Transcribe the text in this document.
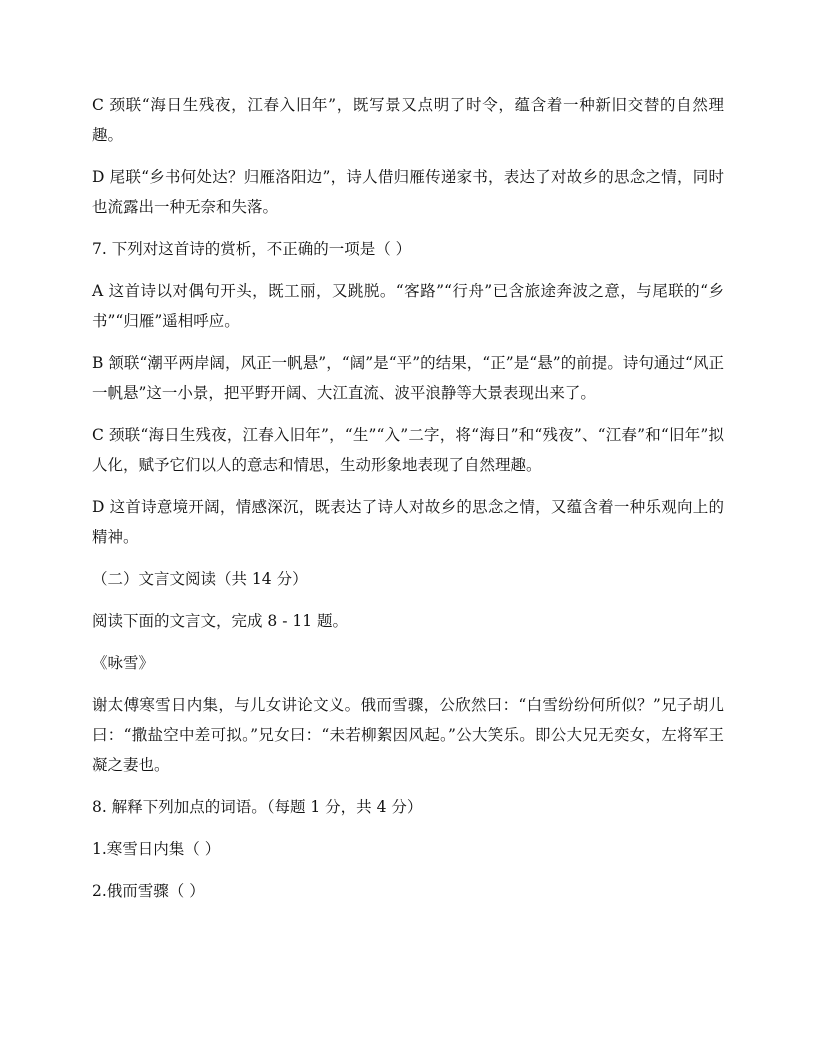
C 颈联“海日生残夜，江春入旧年”，既写景又点明了时令，蕴含着一种新旧交替的自然理趣。

D 尾联“乡书何处达？归雁洛阳边”，诗人借归雁传递家书，表达了对故乡的思念之情，同时也流露出一种无奈和失落。

7. 下列对这首诗的赏析，不正确的一项是（ ）

A 这首诗以对偶句开头，既工丽，又跳脱。“客路”“行舟”已含旅途奔波之意，与尾联的“乡书”“归雁”遥相呼应。

B 颔联“潮平两岸阔，风正一帆悬”，“阔”是“平”的结果，“正”是“悬”的前提。诗句通过“风正一帆悬”这一小景，把平野开阔、大江直流、波平浪静等大景表现出来了。

C 颈联“海日生残夜，江春入旧年”，“生”“入”二字，将“海日”和“残夜”、“江春”和“旧年”拟人化，赋予它们以人的意志和情思，生动形象地表现了自然理趣。

D 这首诗意境开阔，情感深沉，既表达了诗人对故乡的思念之情，又蕴含着一种乐观向上的精神。

（二）文言文阅读（共 14 分）

阅读下面的文言文，完成 8 - 11 题。

《咏雪》

谢太傅寒雪日内集，与儿女讲论文义。俄而雪骤，公欣然曰：“白雪纷纷何所似？”兄子胡儿曰：“撒盐空中差可拟。”兄女曰：“未若柳絮因风起。”公大笑乐。即公大兄无奕女，左将军王凝之妻也。

8. 解释下列加点的词语。（每题 1 分，共 4 分）

1.寒雪日内集（ ）

2.俄而雪骤（ ）
